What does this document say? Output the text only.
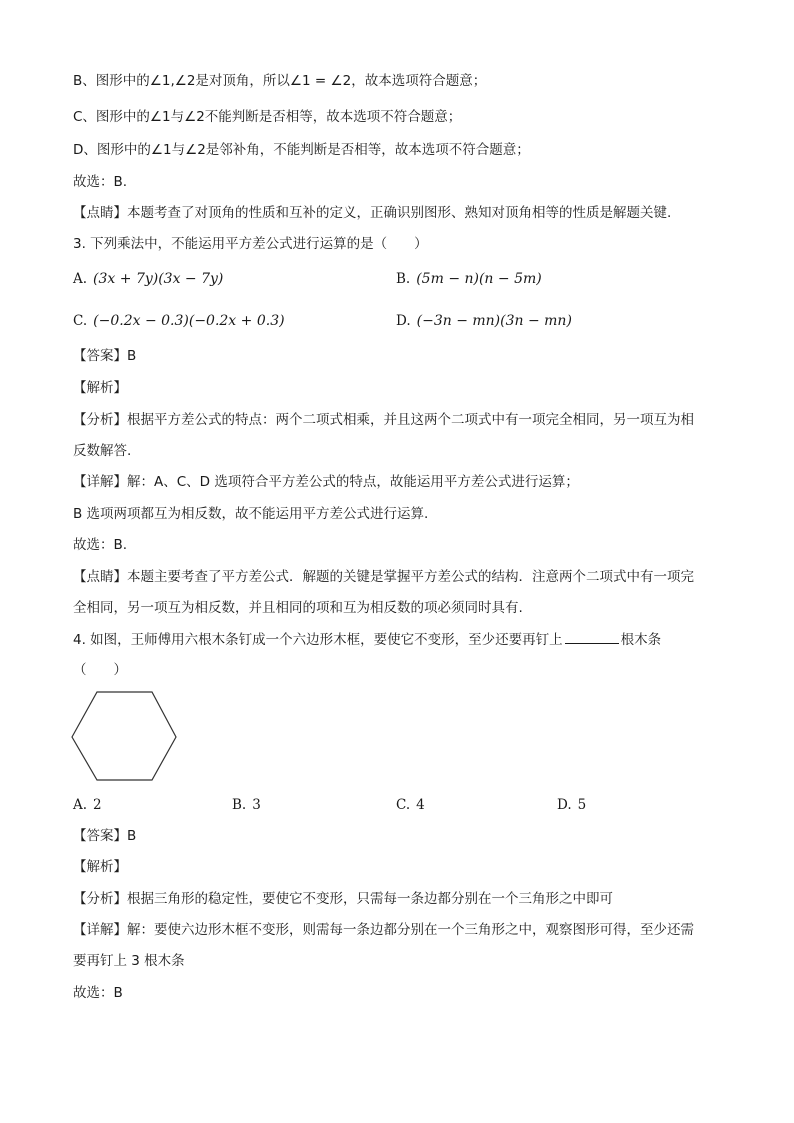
B、图形中的∠1,∠2是对顶角，所以∠1 = ∠2，故本选项符合题意；
C、图形中的∠1与∠2不能判断是否相等，故本选项不符合题意；
D、图形中的∠1与∠2是邻补角，不能判断是否相等，故本选项不符合题意；
故选：B.
【点睛】本题考查了对顶角的性质和互补的定义，正确识别图形、熟知对顶角相等的性质是解题关键.
3. 下列乘法中，不能运用平方差公式进行运算的是（　　）
A. (3x + 7y)(3x − 7y)	B. (5m − n)(n − 5m)
C. (−0.2x − 0.3)(−0.2x + 0.3)	D. (−3n − mn)(3n − mn)
【答案】B
【解析】
【分析】根据平方差公式的特点：两个二项式相乘，并且这两个二项式中有一项完全相同，另一项互为相
反数解答.
【详解】解：A、C、D 选项符合平方差公式的特点，故能运用平方差公式进行运算；
B 选项两项都互为相反数，故不能运用平方差公式进行运算.
故选：B.
【点睛】本题主要考查了平方差公式．解题的关键是掌握平方差公式的结构．注意两个二项式中有一项完
全相同，另一项互为相反数，并且相同的项和互为相反数的项必须同时具有.
4. 如图，王师傅用六根木条钉成一个六边形木框，要使它不变形，至少还要再钉上	根木条
（　　）
A. 2	B. 3	C. 4	D. 5
【答案】B
【解析】
【分析】根据三角形的稳定性，要使它不变形，只需每一条边都分别在一个三角形之中即可
【详解】解：要使六边形木框不变形，则需每一条边都分别在一个三角形之中，观察图形可得，至少还需
要再钉上 3 根木条
故选：B
